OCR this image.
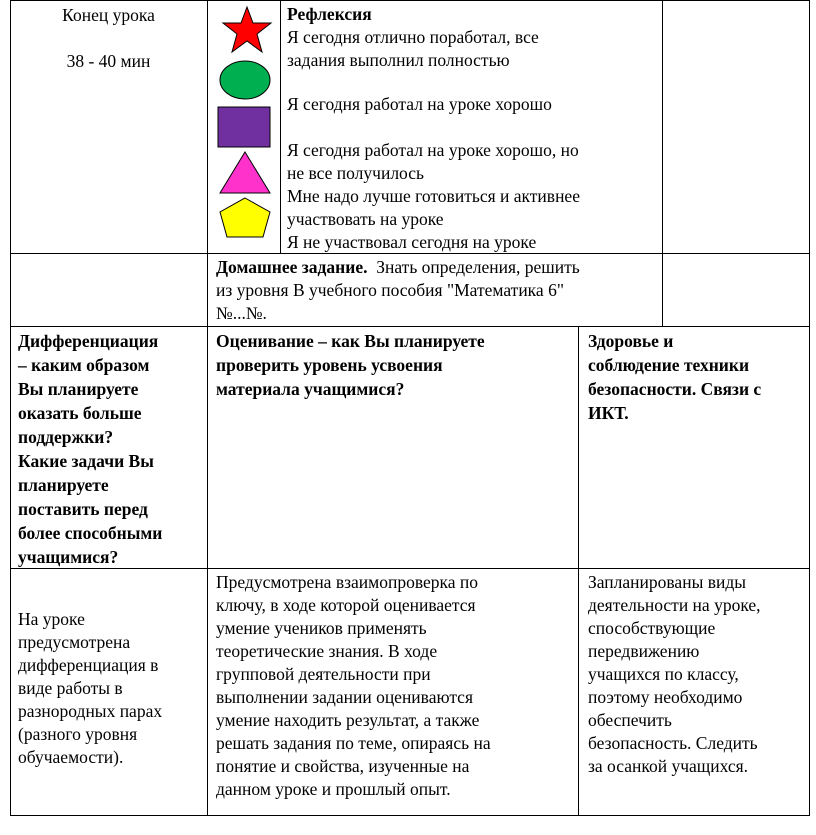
Конец урока
38 - 40 мин
Рефлексия
Я сегодня отлично поработал, все
задания выполнил полностью
Я сегодня работал на уроке хорошо
Я сегодня работал на уроке хорошо, но
не все получилось
Мне надо лучше готовиться и активнее
участвовать на уроке
Я не участвовал сегодня на уроке
Домашнее задание. Знать определения, решить
из уровня В учебного пособия "Математика 6"
№...№.
Дифференциация
– каким образом
Вы планируете
оказать больше
поддержки?
Какие задачи Вы
планируете
поставить перед
более способными
учащимися?
Оценивание – как Вы планируете
проверить уровень усвоения
материала учащимися?
Здоровье и
соблюдение техники
безопасности. Связи с
ИКТ.
На уроке
предусмотрена
дифференциация в
виде работы в
разнородных парах
(разного уровня
обучаемости).
Предусмотрена взаимопроверка по
ключу, в ходе которой оценивается
умение учеников применять
теоретические знания. В ходе
групповой деятельности при
выполнении задании оцениваются
умение находить результат, а также
решать задания по теме, опираясь на
понятие и свойства, изученные на
данном уроке и прошлый опыт.
Запланированы виды
деятельности на уроке,
способствующие
передвижению
учащихся по классу,
поэтому необходимо
обеспечить
безопасность. Следить
за осанкой учащихся.
